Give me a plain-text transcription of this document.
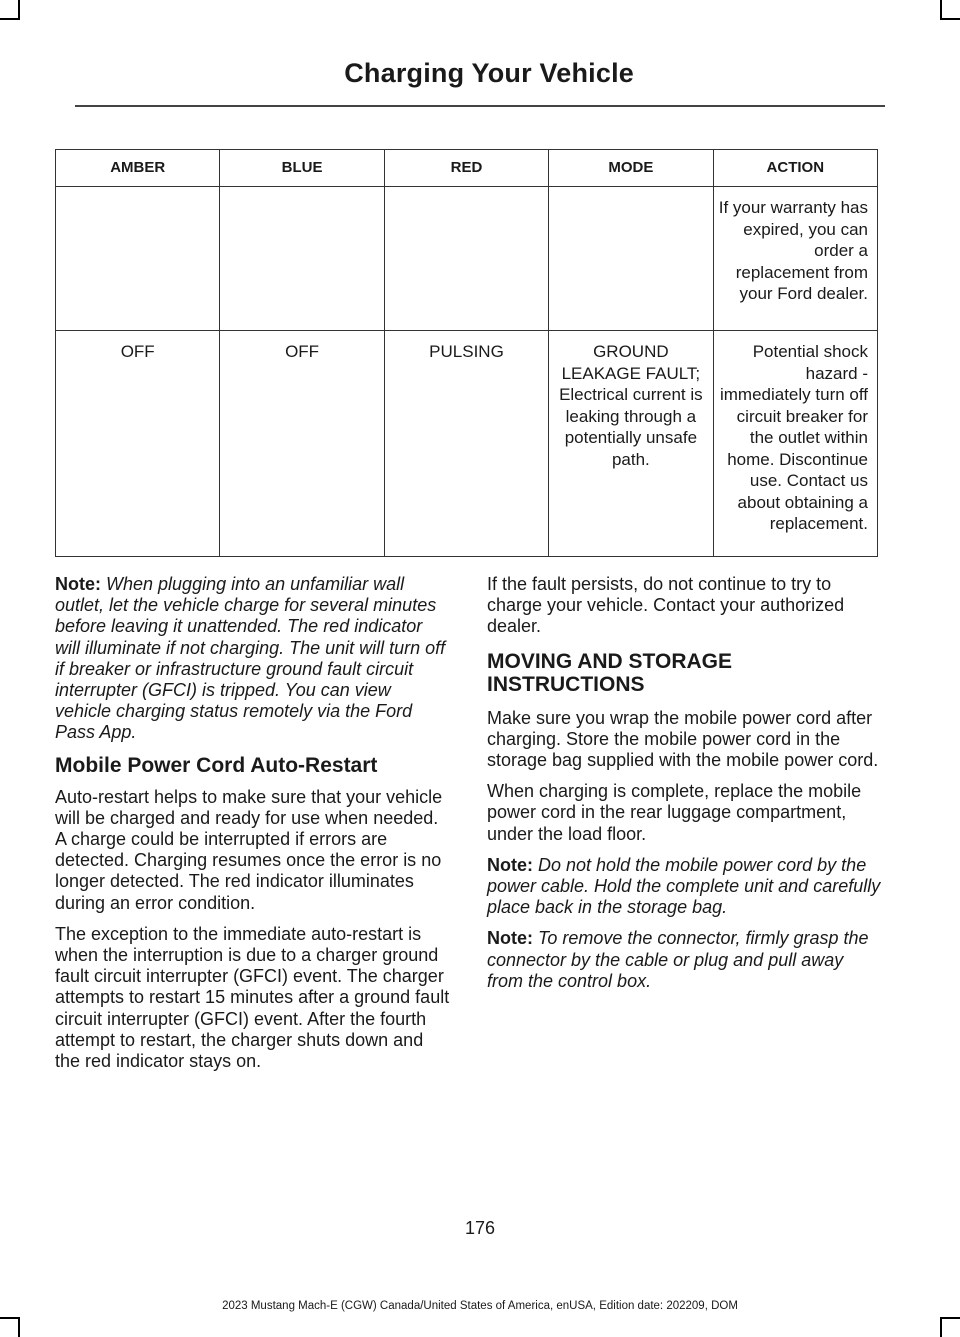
Charging Your Vehicle
AMBER	BLUE	RED	MODE	ACTION
				If your warranty has expired, you can order a replacement from your Ford dealer.
OFF	OFF	PULSING	GROUND LEAKAGE FAULT; Electrical current is leaking through a potentially unsafe path.	Potential shock hazard - immediately turn off circuit breaker for the outlet within home. Discontinue use. Contact us about obtaining a replacement.

Note: When plugging into an unfamiliar wall outlet, let the vehicle charge for several minutes before leaving it unattended. The red indicator will illuminate if not charging. The unit will turn off if breaker or infrastructure ground fault circuit interrupter (GFCI) is tripped. You can view vehicle charging status remotely via the Ford Pass App.

Mobile Power Cord Auto-Restart

Auto-restart helps to make sure that your vehicle will be charged and ready for use when needed. A charge could be interrupted if errors are detected. Charging resumes once the error is no longer detected. The red indicator illuminates during an error condition.

The exception to the immediate auto-restart is when the interruption is due to a charger ground fault circuit interrupter (GFCI) event. The charger attempts to restart 15 minutes after a ground fault circuit interrupter (GFCI) event. After the fourth attempt to restart, the charger shuts down and the red indicator stays on.

If the fault persists, do not continue to try to charge your vehicle. Contact your authorized dealer.

MOVING AND STORAGE INSTRUCTIONS

Make sure you wrap the mobile power cord after charging. Store the mobile power cord in the storage bag supplied with the mobile power cord.

When charging is complete, replace the mobile power cord in the rear luggage compartment, under the load floor.

Note: Do not hold the mobile power cord by the power cable. Hold the complete unit and carefully place back in the storage bag.

Note: To remove the connector, firmly grasp the connector by the cable or plug and pull away from the control box.

176
2023 Mustang Mach-E (CGW) Canada/United States of America, enUSA, Edition date: 202209, DOM
